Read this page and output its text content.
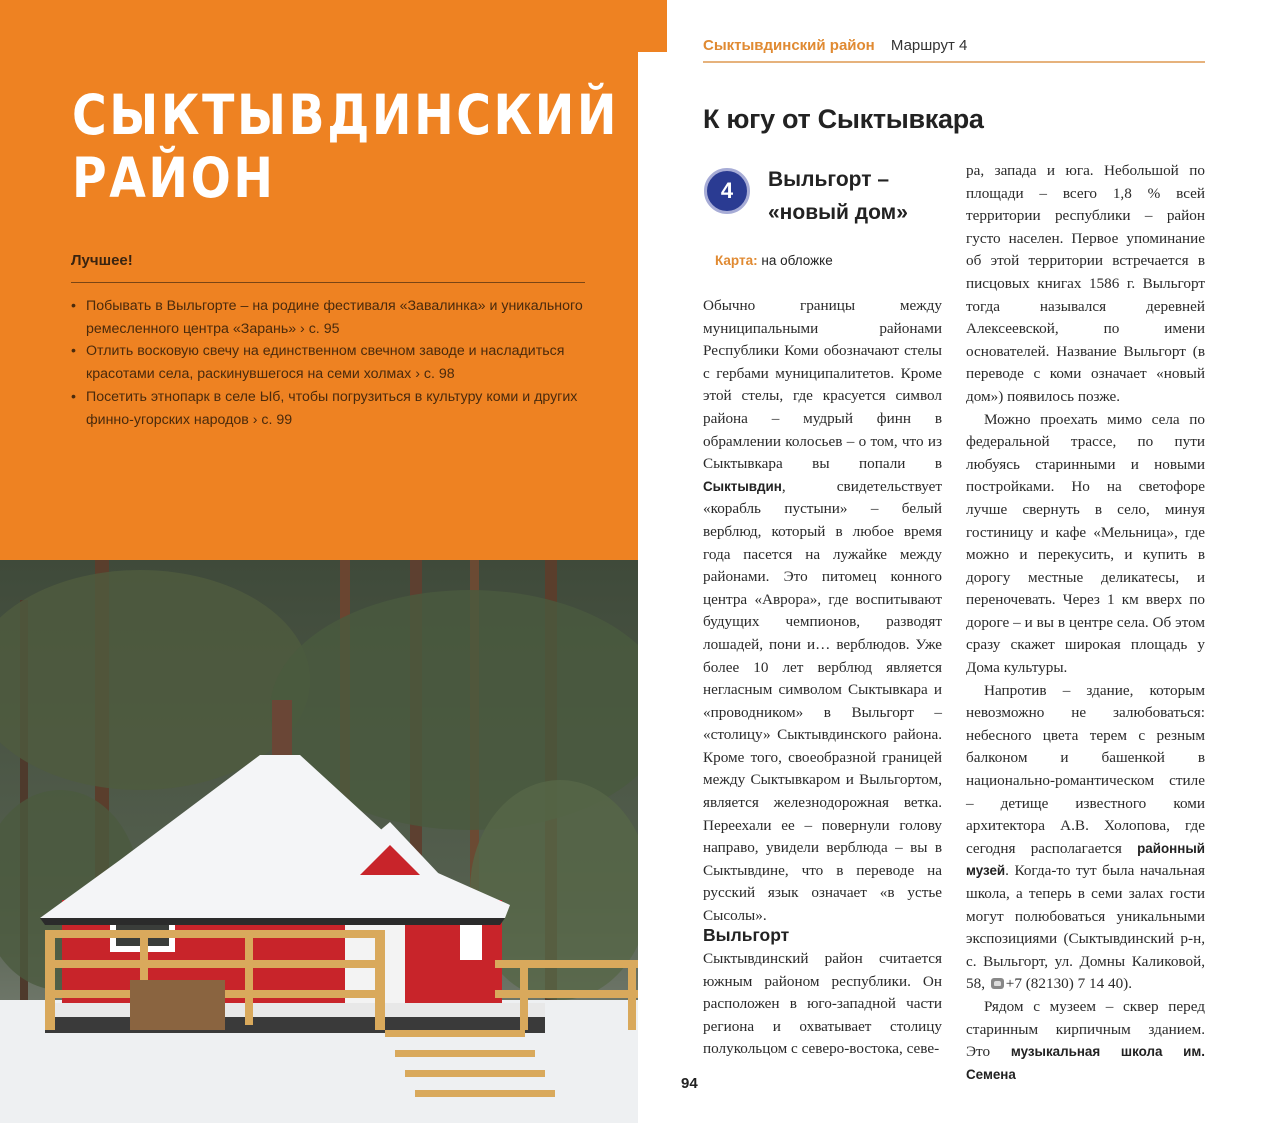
СЫКТЫВДИНСКИЙ
РАЙОН
Лучшее!
• Побывать в Выльгорте – на родине фестиваля «Завалинка» и уникального ремесленного центра «Зарань» › с. 95
• Отлить восковую свечу на единственном свечном заводе и насладиться красотами села, раскинувшегося на семи холмах › с. 98
• Посетить этнопарк в селе Ыб, чтобы погрузиться в культуру коми и других финно-угорских народов › с. 99
Сыктывдинский район Маршрут 4
К югу от Сыктывкара
4	Выльгорт – «новый дом»
Карта: на обложке

Обычно границы между муниципальными районами Республики Коми обозначают стелы с гербами муниципалитетов. Кроме этой стелы, где красуется символ района – мудрый финн в обрамлении колосьев – о том, что из Сыктывкара вы попали в Сыктывдин, свидетельствует «корабль пустыни» – белый верблюд, который в любое время года пасется на лужайке между районами. Это питомец конного центра «Аврора», где воспитывают будущих чемпионов, разводят лошадей, пони и… верблюдов. Уже более 10 лет верблюд является негласным символом Сыктывкара и «проводником» в Выльгорт – «столицу» Сыктывдинского района. Кроме того, своеобразной границей между Сыктывкаром и Выльгортом, является железнодорожная ветка. Переехали ее – повернули голову направо, увидели верблюда – вы в Сыктывдине, что в переводе на русский язык означает «в устье Сысолы».

Выльгорт

Сыктывдинский район считается южным районом республики. Он расположен в юго-западной части региона и охватывает столицу полукольцом с северо-востока, севе-

ра, запада и юга. Небольшой по площади – всего 1,8 % всей территории республики – район густо населен. Первое упоминание об этой территории встречается в писцовых книгах 1586 г. Выльгорт тогда назывался деревней Алексеевской, по имени основателей. Название Выльгорт (в переводе с коми означает «новый дом») появилось позже.

Можно проехать мимо села по федеральной трассе, по пути любуясь старинными и новыми постройками. Но на светофоре лучше свернуть в село, минуя гостиницу и кафе «Мельница», где можно и перекусить, и купить в дорогу местные деликатесы, и переночевать. Через 1 км вверх по дороге – и вы в центре села. Об этом сразу скажет широкая площадь у Дома культуры.

Напротив – здание, которым невозможно не залюбоваться: небесного цвета терем с резным балконом и башенкой в национально-романтическом стиле – детище известного коми архитектора А.В. Холопова, где сегодня располагается районный музей. Когда-то тут была начальная школа, а теперь в семи залах гости могут полюбоваться уникальными экспозициями (Сыктывдинский р-н, с. Выльгорт, ул. Домны Каликовой, 58, +7 (82130) 7 14 40).

Рядом с музеем – сквер перед старинным кирпичным зданием. Это музыкальная школа им. Семена

94
